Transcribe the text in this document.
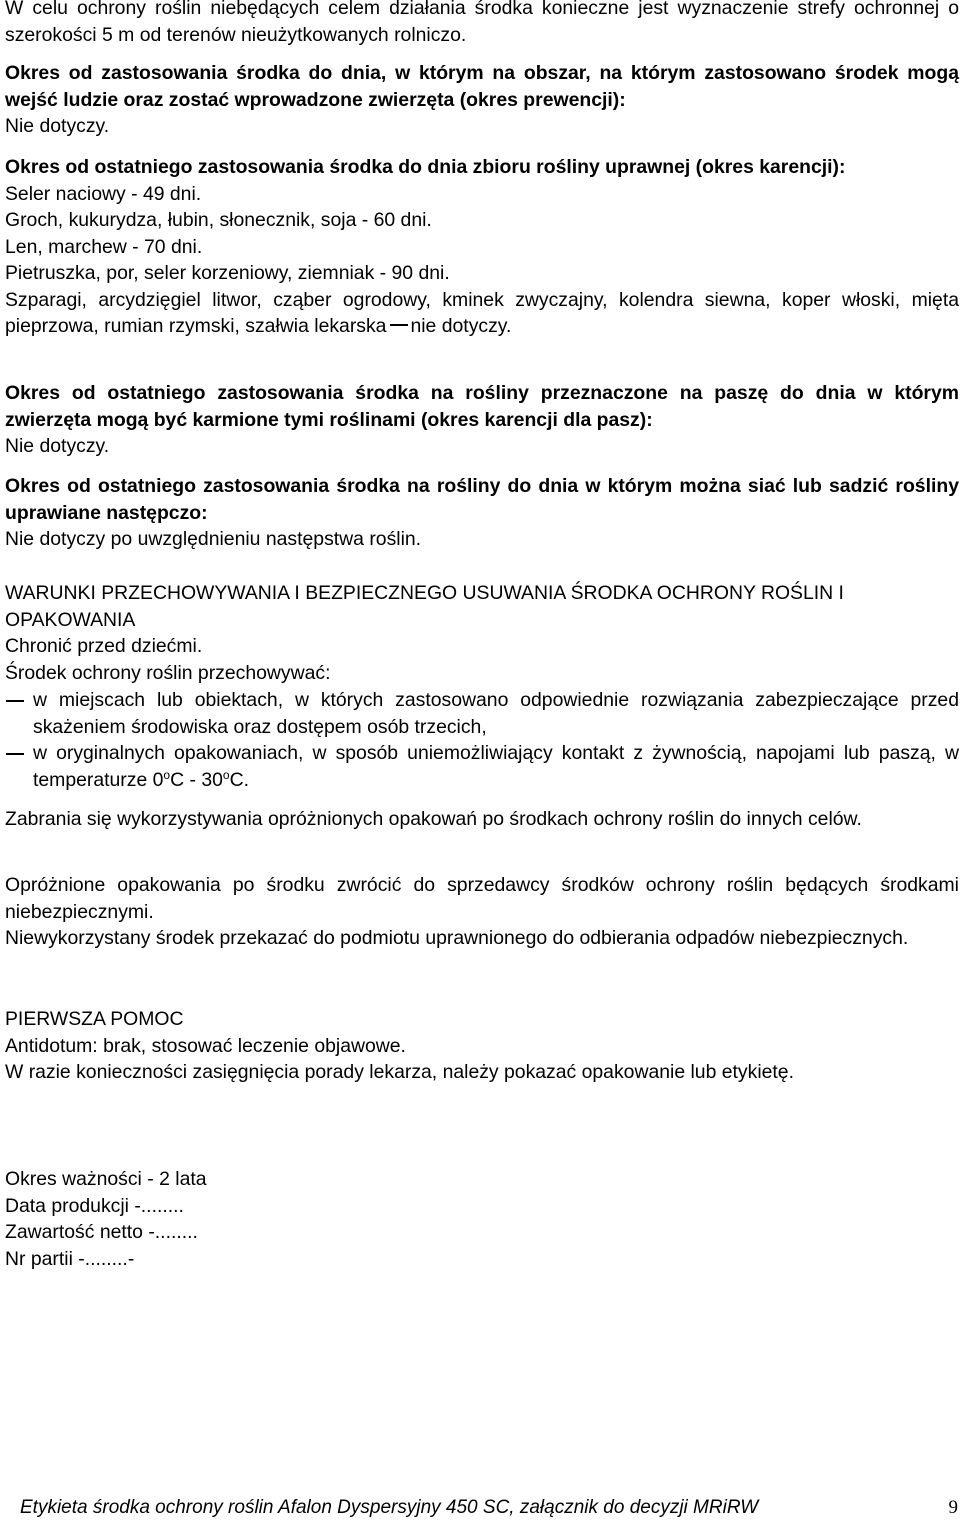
W celu ochrony roślin niebędących celem działania środka konieczne jest wyznaczenie strefy ochronnej o szerokości 5 m od terenów nieużytkowanych rolniczo.

Okres od zastosowania środka do dnia, w którym na obszar, na którym zastosowano środek mogą wejść ludzie oraz zostać wprowadzone zwierzęta (okres prewencji):

Nie dotyczy.

Okres od ostatniego zastosowania środka do dnia zbioru rośliny uprawnej (okres karencji):

Seler naciowy - 49 dni.

Groch, kukurydza, łubin, słonecznik, soja - 60 dni.

Len, marchew - 70 dni.

Pietruszka, por, seler korzeniowy, ziemniak - 90 dni.

Szparagi, arcydzięgiel litwor, cząber ogrodowy, kminek zwyczajny, kolendra siewna, koper włoski, mięta pieprzowa, rumian rzymski, szałwia lekarska nie dotyczy.

Okres od ostatniego zastosowania środka na rośliny przeznaczone na paszę do dnia w którym zwierzęta mogą być karmione tymi roślinami (okres karencji dla pasz):

Nie dotyczy.

Okres od ostatniego zastosowania środka na rośliny do dnia w którym można siać lub sadzić rośliny uprawiane następczo:

Nie dotyczy po uwzględnieniu następstwa roślin.

WARUNKI PRZECHOWYWANIA I BEZPIECZNEGO USUWANIA ŚRODKA OCHRONY ROŚLIN I OPAKOWANIA

Chronić przed dziećmi.

Środek ochrony roślin przechowywać:

w miejscach lub obiektach, w których zastosowano odpowiednie rozwiązania zabezpieczające przed skażeniem środowiska oraz dostępem osób trzecich,
w oryginalnych opakowaniach, w sposób uniemożliwiający kontakt z żywnością, napojami lub paszą, w temperaturze 0$^o$C - 30$^o$C.

Zabrania się wykorzystywania opróżnionych opakowań po środkach ochrony roślin do innych celów.

Opróżnione opakowania po środku zwrócić do sprzedawcy środków ochrony roślin będących środkami niebezpiecznymi.

Niewykorzystany środek przekazać do podmiotu uprawnionego do odbierania odpadów niebezpiecznych.

PIERWSZA POMOC

Antidotum: brak, stosować leczenie objawowe.

W razie konieczności zasięgnięcia porady lekarza, należy pokazać opakowanie lub etykietę.

Okres ważności - 2 lata

Data produkcji -........

Zawartość netto -........

Nr partii -........-

Etykieta środka ochrony roślin Afalon Dyspersyjny 450 SC, załącznik do decyzji MRiRW	9
